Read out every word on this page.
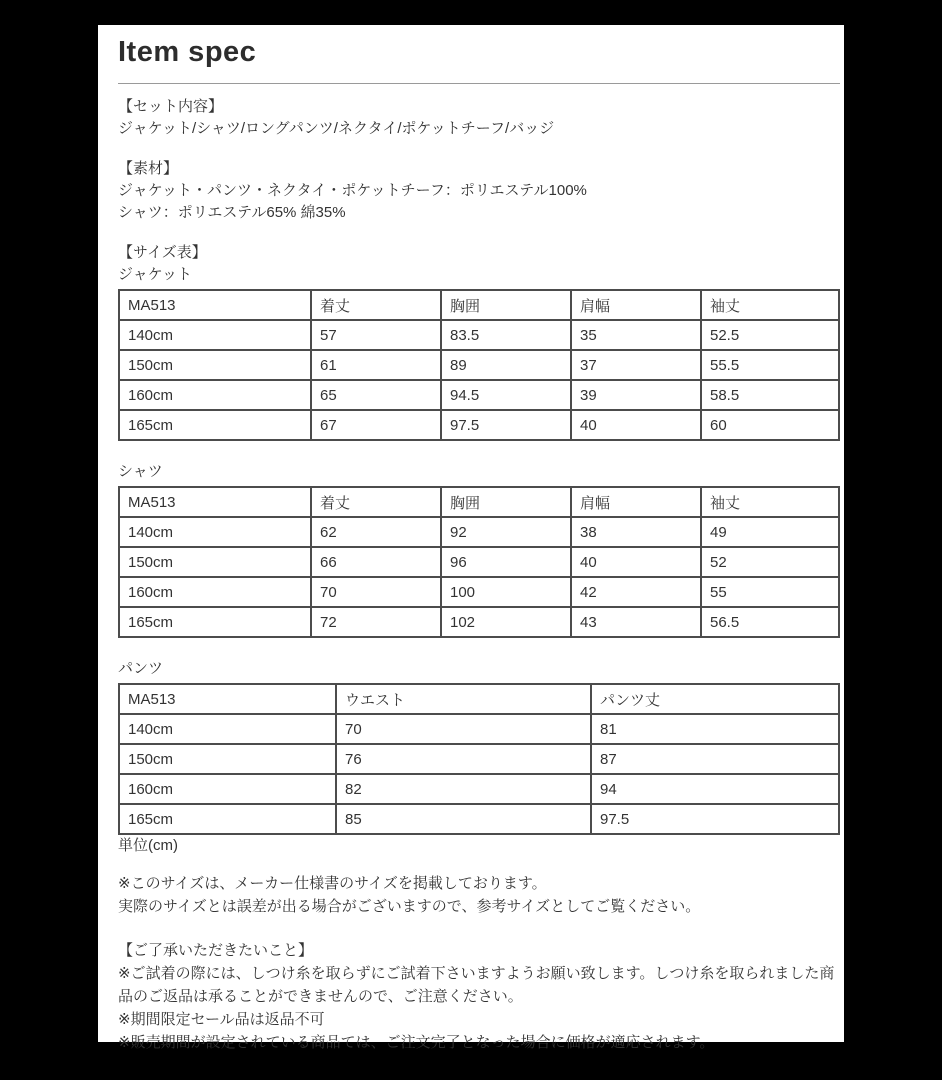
Item spec
【セット内容】
ジャケット/シャツ/ロングパンツ/ネクタイ/ポケットチーフ/バッジ
【素材】
ジャケット・パンツ・ネクタイ・ポケットチーフ：ポリエステル100%
シャツ：ポリエステル65% 綿35%
【サイズ表】
ジャケット
MA513	着丈	胸囲	肩幅	袖丈
140cm	57	83.5	35	52.5
150cm	61	89	37	55.5
160cm	65	94.5	39	58.5
165cm	67	97.5	40	60
シャツ
MA513	着丈	胸囲	肩幅	袖丈
140cm	62	92	38	49
150cm	66	96	40	52
160cm	70	100	42	55
165cm	72	102	43	56.5
パンツ
MA513	ウエスト	パンツ丈
140cm	70	81
150cm	76	87
160cm	82	94
165cm	85	97.5
単位(cm)
※このサイズは、メーカー仕様書のサイズを掲載しております。
実際のサイズとは誤差が出る場合がございますので、参考サイズとしてご覧ください。
【ご了承いただきたいこと】
※ご試着の際には、しつけ糸を取らずにご試着下さいますようお願い致します。しつけ糸を取られました商品のご返品は承ることができませんので、ご注意ください。
※期間限定セール品は返品不可
※販売期間が設定されている商品ては、ご注文完了となった場合に価格が適応されます。
